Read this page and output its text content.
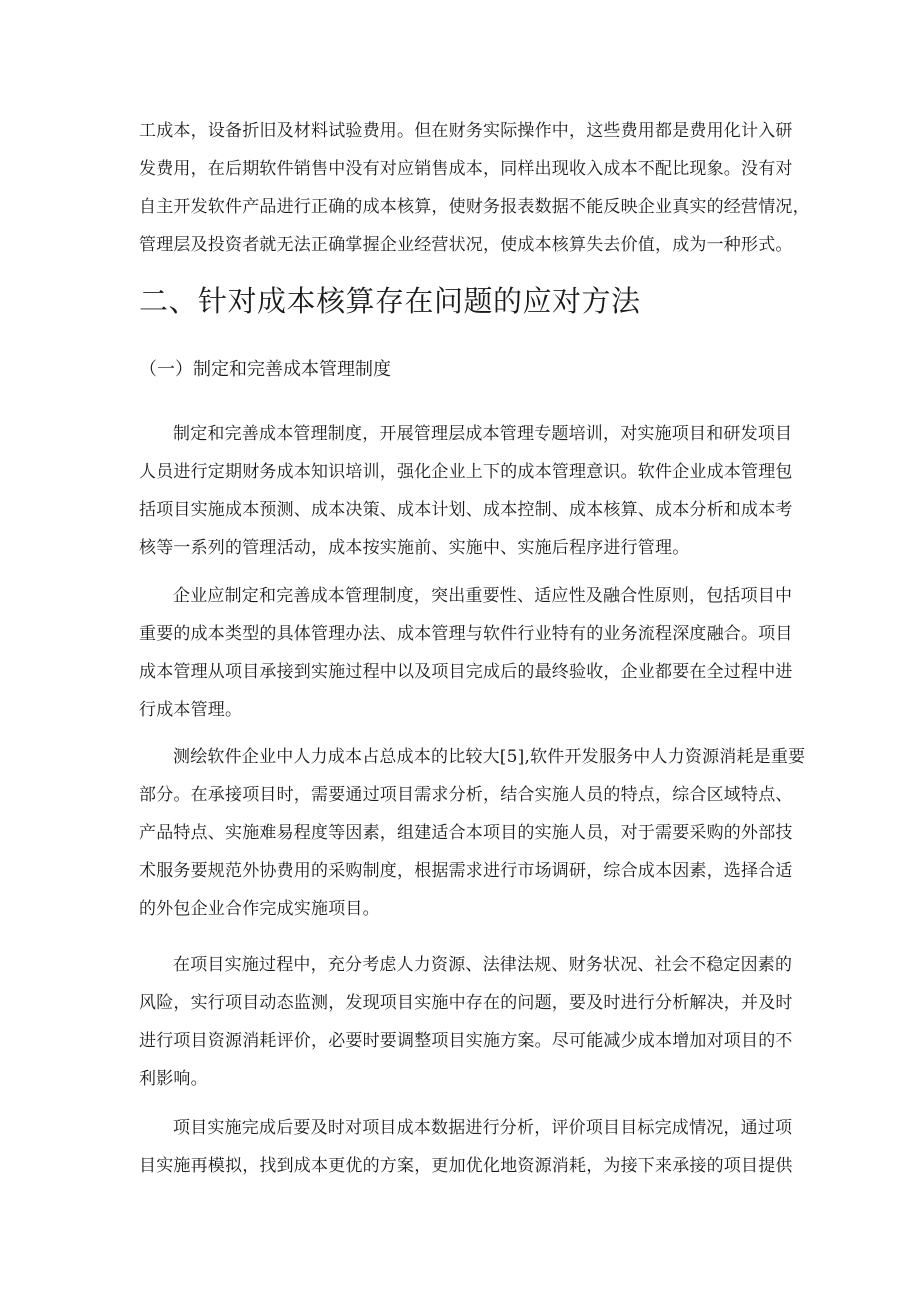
工成本，设备折旧及材料试验费用。但在财务实际操作中，这些费用都是费用化计入研
发费用，在后期软件销售中没有对应销售成本，同样出现收入成本不配比现象。没有对
自主开发软件产品进行正确的成本核算，使财务报表数据不能反映企业真实的经营情况，
管理层及投资者就无法正确掌握企业经营状况，使成本核算失去价值，成为一种形式。
二、针对成本核算存在问题的应对方法
（一）制定和完善成本管理制度
制定和完善成本管理制度，开展管理层成本管理专题培训，对实施项目和研发项目
人员进行定期财务成本知识培训，强化企业上下的成本管理意识。软件企业成本管理包
括项目实施成本预测、成本决策、成本计划、成本控制、成本核算、成本分析和成本考
核等一系列的管理活动，成本按实施前、实施中、实施后程序进行管理。
企业应制定和完善成本管理制度，突出重要性、适应性及融合性原则，包括项目中
重要的成本类型的具体管理办法、成本管理与软件行业特有的业务流程深度融合。项目
成本管理从项目承接到实施过程中以及项目完成后的最终验收，企业都要在全过程中进
行成本管理。
测绘软件企业中人力成本占总成本的比较大[5],软件开发服务中人力资源消耗是重要
部分。在承接项目时，需要通过项目需求分析，结合实施人员的特点，综合区域特点、
产品特点、实施难易程度等因素，组建适合本项目的实施人员，对于需要采购的外部技
术服务要规范外协费用的采购制度，根据需求进行市场调研，综合成本因素，选择合适
的外包企业合作完成实施项目。
在项目实施过程中，充分考虑人力资源、法律法规、财务状况、社会不稳定因素的
风险，实行项目动态监测，发现项目实施中存在的问题，要及时进行分析解决，并及时
进行项目资源消耗评价，必要时要调整项目实施方案。尽可能减少成本增加对项目的不
利影响。
项目实施完成后要及时对项目成本数据进行分析，评价项目目标完成情况，通过项
目实施再模拟，找到成本更优的方案，更加优化地资源消耗，为接下来承接的项目提供
